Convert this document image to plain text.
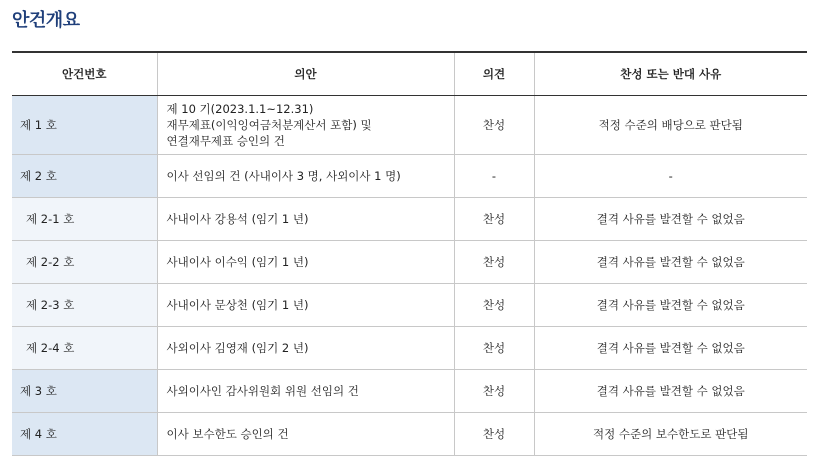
안건개요
안건번호	의안	의견	찬성 또는 반대 사유
제 1 호	제 10 기(2023.1.1~12.31)
재무제표(이익잉여금처분계산서 포함) 및
연결재무제표 승인의 건	찬성	적정 수준의 배당으로 판단됨
제 2 호	이사 선임의 건 (사내이사 3 명, 사외이사 1 명)	-	-
제 2-1 호	사내이사 강용석 (임기 1 년)	찬성	결격 사유를 발견할 수 없었음
제 2-2 호	사내이사 이수익 (임기 1 년)	찬성	결격 사유를 발견할 수 없었음
제 2-3 호	사내이사 문상천 (임기 1 년)	찬성	결격 사유를 발견할 수 없었음
제 2-4 호	사외이사 김영재 (임기 2 년)	찬성	결격 사유를 발견할 수 없었음
제 3 호	사외이사인 감사위원회 위원 선임의 건	찬성	결격 사유를 발견할 수 없었음
제 4 호	이사 보수한도 승인의 건	찬성	적정 수준의 보수한도로 판단됨
